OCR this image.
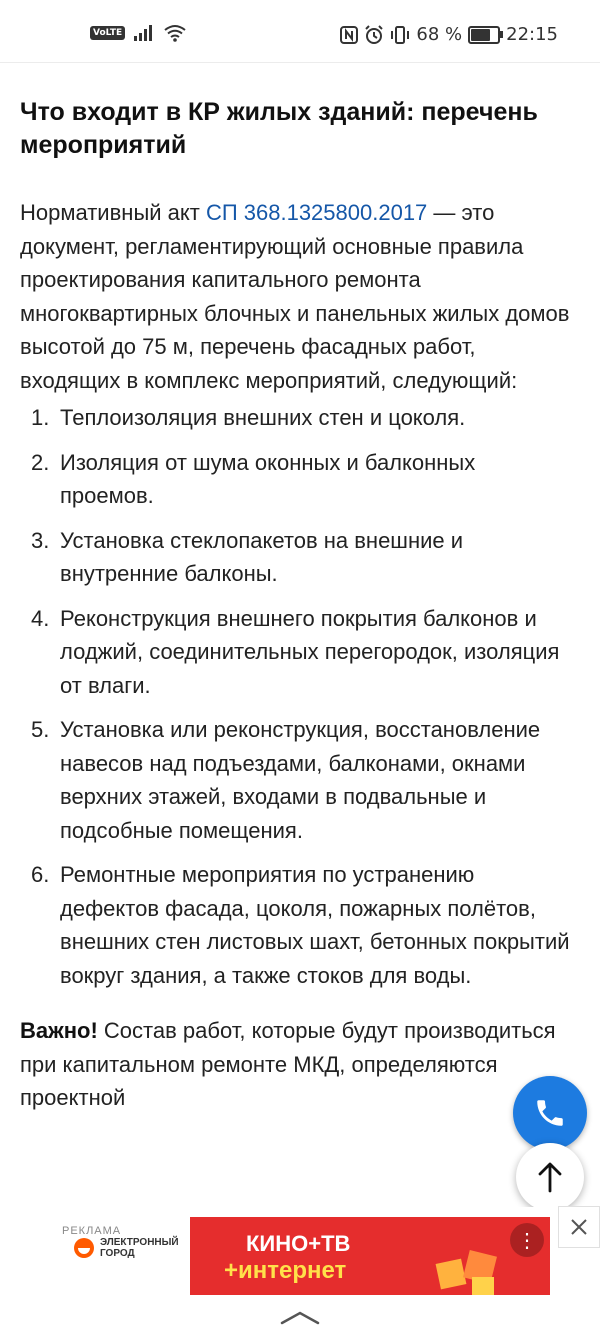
VoLTE	68 % 22:15
Что входит в КР жилых зданий: перечень мероприятий

Нормативный акт СП 368.1325800.2017 — это документ, регламентирующий основные правила проектирования капитального ремонта многоквартирных блочных и панельных жилых домов высотой до 75 м, перечень фасадных работ, входящих в комплекс мероприятий, следующий:

1. Теплоизоляция внешних стен и цоколя.
2. Изоляция от шума оконных и балконных проемов.
3. Установка стеклопакетов на внешние и внутренние балконы.
4. Реконструкция внешнего покрытия балконов и лоджий, соединительных перегородок, изоляция от влаги.
5. Установка или реконструкция, восстановление навесов над подъездами, балконами, окнами верхних этажей, входами в подвальные и подсобные помещения.
6. Ремонтные мероприятия по устранению дефектов фасада, цоколя, пожарных полётов, внешних стен листовых шахт, бетонных покрытий вокруг здания, а также стоков для воды.

Важно! Состав работ, которые будут производиться при капитальном ремонте МКД, определяются проектной

ЭЛЕКТРОННЫЙ ГОРОД	КИНО+ТВ
+интернет
⋮
РЕКЛАМА
